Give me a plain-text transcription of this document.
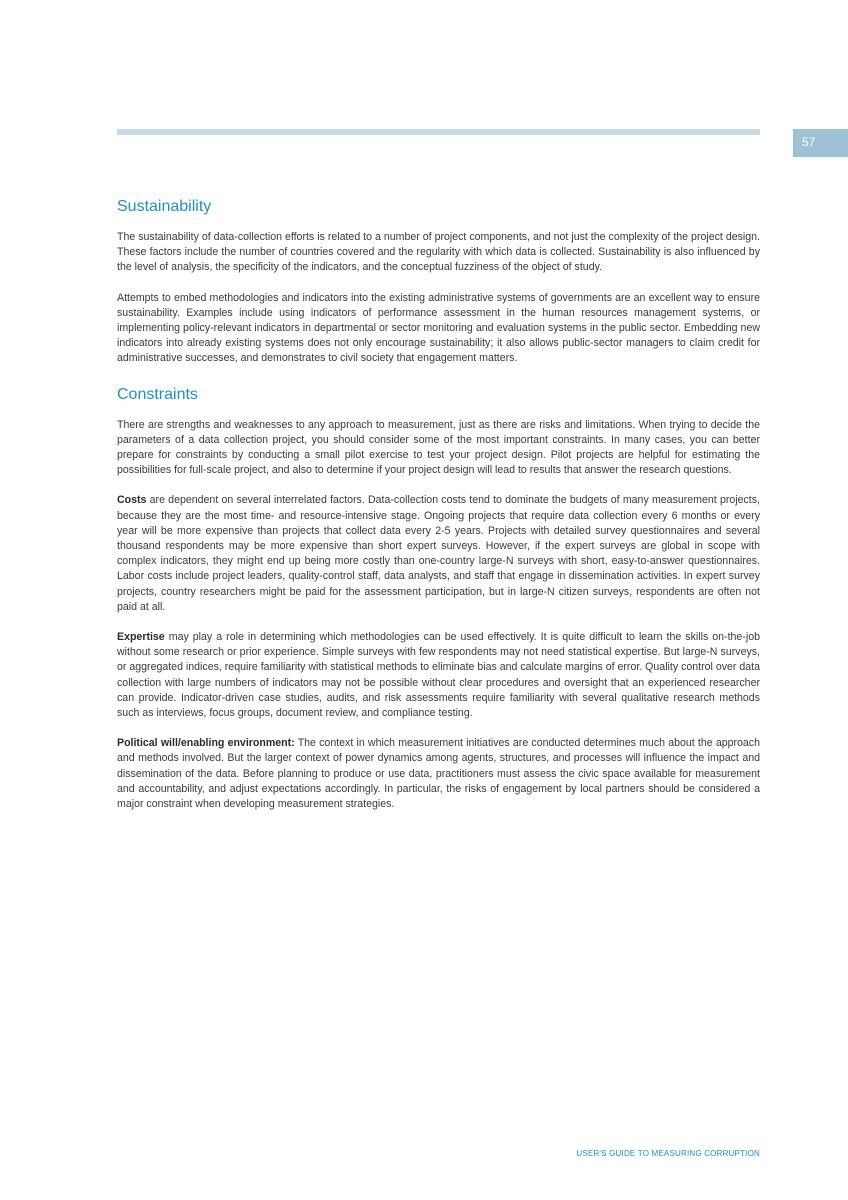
57
Sustainability

The sustainability of data-collection efforts is related to a number of project components, and not just the complexity of the project design. These factors include the number of countries covered and the regularity with which data is collected. Sustainability is also influenced by the level of analysis, the specificity of the indicators, and the conceptual fuzziness of the object of study.

Attempts to embed methodologies and indicators into the existing administrative systems of governments are an excellent way to ensure sustainability. Examples include using indicators of performance assessment in the human resources management systems, or implementing policy-relevant indicators in departmental or sector monitoring and evaluation systems in the public sector. Embedding new indicators into already existing systems does not only encourage sustainability; it also allows public-sector managers to claim credit for administrative successes, and demonstrates to civil society that engagement matters.

Constraints

There are strengths and weaknesses to any approach to measurement, just as there are risks and limitations. When trying to decide the parameters of a data collection project, you should consider some of the most important constraints. In many cases, you can better prepare for constraints by conducting a small pilot exercise to test your project design. Pilot projects are helpful for estimating the possibilities for full-scale project, and also to determine if your project design will lead to results that answer the research questions.

Costs are dependent on several interrelated factors. Data-collection costs tend to dominate the budgets of many measurement projects, because they are the most time- and resource-intensive stage. Ongoing projects that require data collection every 6 months or every year will be more expensive than projects that collect data every 2-5 years. Projects with detailed survey questionnaires and several thousand respondents may be more expensive than short expert surveys. However, if the expert surveys are global in scope with complex indicators, they might end up being more costly than one-country large-N surveys with short, easy-to-answer questionnaires. Labor costs include project leaders, quality-control staff, data analysts, and staff that engage in dissemination activities. In expert survey projects, country researchers might be paid for the assessment participation, but in large-N citizen surveys, respondents are often not paid at all.

Expertise may play a role in determining which methodologies can be used effectively. It is quite difficult to learn the skills on-the-job without some research or prior experience. Simple surveys with few respondents may not need statistical expertise. But large-N surveys, or aggregated indices, require familiarity with statistical methods to eliminate bias and calculate margins of error. Quality control over data collection with large numbers of indicators may not be possible without clear procedures and oversight that an experienced researcher can provide. Indicator-driven case studies, audits, and risk assessments require familiarity with several qualitative research methods such as interviews, focus groups, document review, and compliance testing.

Political will/enabling environment: The context in which measurement initiatives are conducted determines much about the approach and methods involved. But the larger context of power dynamics among agents, structures, and processes will influence the impact and dissemination of the data. Before planning to produce or use data, practitioners must assess the civic space available for measurement and accountability, and adjust expectations accordingly. In particular, the risks of engagement by local partners should be considered a major constraint when developing measurement strategies.

USER'S GUIDE TO MEASURING CORRUPTION
